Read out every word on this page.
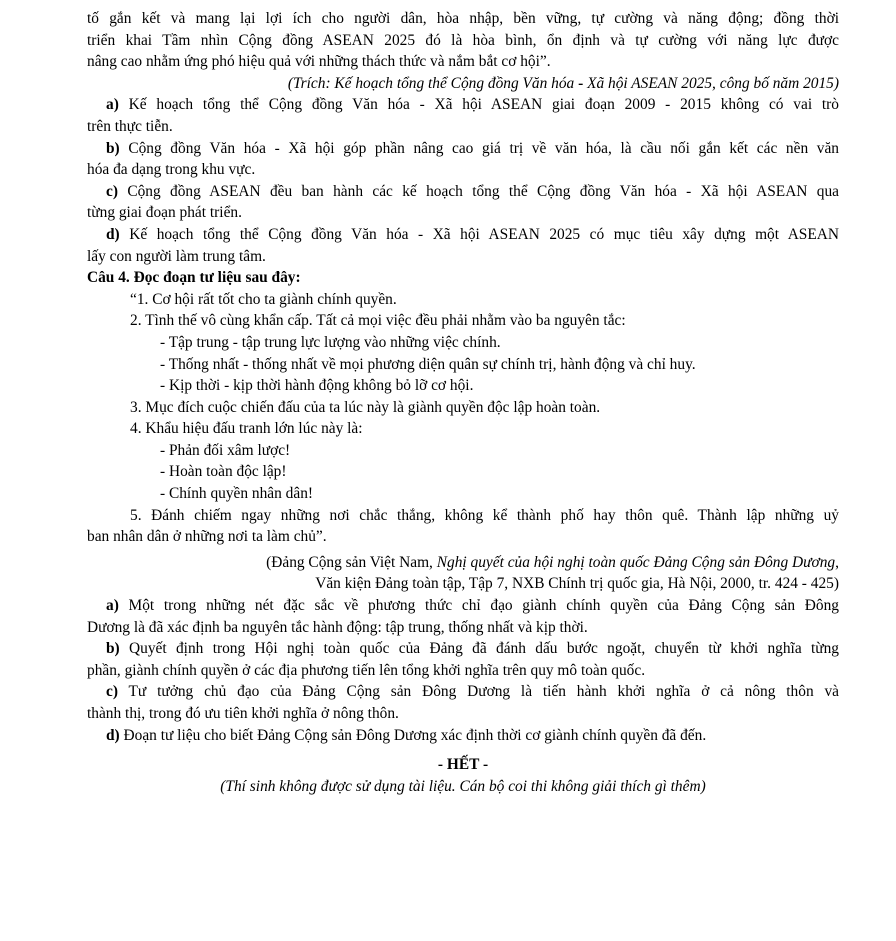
tố gắn kết và mang lại lợi ích cho người dân, hòa nhập, bền vững, tự cường và năng động; đồng thời
triển khai Tầm nhìn Cộng đồng ASEAN 2025 đó là hòa bình, ổn định và tự cường với năng lực được
nâng cao nhằm ứng phó hiệu quả với những thách thức và nắm bắt cơ hội”.
(Trích: Kế hoạch tổng thể Cộng đồng Văn hóa - Xã hội ASEAN 2025, công bố năm 2015)
a) Kế hoạch tổng thể Cộng đồng Văn hóa - Xã hội ASEAN giai đoạn 2009 - 2015 không có vai trò
trên thực tiễn.
b) Cộng đồng Văn hóa - Xã hội góp phần nâng cao giá trị về văn hóa, là cầu nối gắn kết các nền văn
hóa đa dạng trong khu vực.
c) Cộng đồng ASEAN đều ban hành các kế hoạch tổng thể Cộng đồng Văn hóa - Xã hội ASEAN qua
từng giai đoạn phát triển.
d) Kế hoạch tổng thể Cộng đồng Văn hóa - Xã hội ASEAN 2025 có mục tiêu xây dựng một ASEAN
lấy con người làm trung tâm.
Câu 4. Đọc đoạn tư liệu sau đây:
“1. Cơ hội rất tốt cho ta giành chính quyền.
2. Tình thế vô cùng khẩn cấp. Tất cả mọi việc đều phải nhằm vào ba nguyên tắc:
- Tập trung - tập trung lực lượng vào những việc chính.
- Thống nhất - thống nhất về mọi phương diện quân sự chính trị, hành động và chỉ huy.
- Kịp thời - kịp thời hành động không bỏ lỡ cơ hội.
3. Mục đích cuộc chiến đấu của ta lúc này là giành quyền độc lập hoàn toàn.
4. Khẩu hiệu đấu tranh lớn lúc này là:
- Phản đối xâm lược!
- Hoàn toàn độc lập!
- Chính quyền nhân dân!
5. Đánh chiếm ngay những nơi chắc thắng, không kể thành phố hay thôn quê. Thành lập những uỷ
ban nhân dân ở những nơi ta làm chủ”.
(Đảng Cộng sản Việt Nam, Nghị quyết của hội nghị toàn quốc Đảng Cộng sản Đông Dương,
Văn kiện Đảng toàn tập, Tập 7, NXB Chính trị quốc gia, Hà Nội, 2000, tr. 424 - 425)
a) Một trong những nét đặc sắc về phương thức chỉ đạo giành chính quyền của Đảng Cộng sản Đông
Dương là đã xác định ba nguyên tắc hành động: tập trung, thống nhất và kịp thời.
b) Quyết định trong Hội nghị toàn quốc của Đảng đã đánh dấu bước ngoặt, chuyển từ khởi nghĩa từng
phần, giành chính quyền ở các địa phương tiến lên tổng khởi nghĩa trên quy mô toàn quốc.
c) Tư tưởng chủ đạo của Đảng Cộng sản Đông Dương là tiến hành khởi nghĩa ở cả nông thôn và
thành thị, trong đó ưu tiên khởi nghĩa ở nông thôn.
d) Đoạn tư liệu cho biết Đảng Cộng sản Đông Dương xác định thời cơ giành chính quyền đã đến.
- HẾT -
(Thí sinh không được sử dụng tài liệu. Cán bộ coi thi không giải thích gì thêm)
